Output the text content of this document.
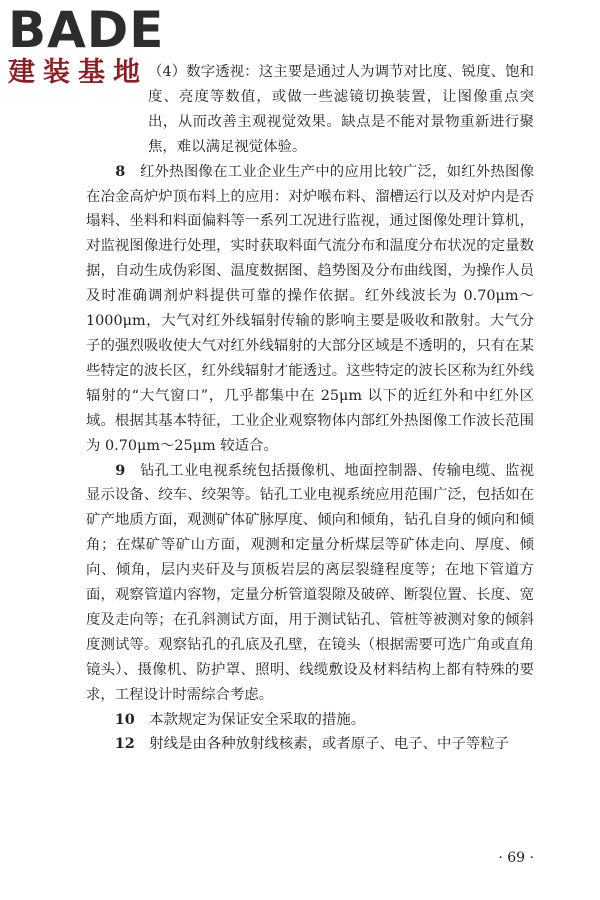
BADE
建装基地 （4）数字透视：这主要是通过人为调节对比度、锐度、饱和度、亮度等数值，或做一些滤镜切换装置，让图像重点突出，从而改善主观视觉效果。缺点是不能对景物重新进行聚焦，难以满足视觉体验。

　　8　 红外热图像在工业企业生产中的应用比较广泛，如红外热图像在冶金高炉炉顶布料上的应用：对炉喉布料、溜槽运行以及对炉内是否塌料、坐料和料面偏料等一系列工况进行监视，通过图像处理计算机，对监视图像进行处理，实时获取料面气流分布和温度分布状况的定量数据，自动生成伪彩图、温度数据图、趋势图及分布曲线图，为操作人员及时准确调剂炉料提供可靠的操作依据。红外线波长为 0.70μm～1000μm，大气对红外线辐射传输的影响主要是吸收和散射。大气分子的强烈吸收使大气对红外线辐射的大部分区域是不透明的，只有在某些特定的波长区，红外线辐射才能透过。这些特定的波长区称为红外线辐射的“大气窗口”，几乎都集中在 25μm 以下的近红外和中红外区域。根据其基本特征，工业企业观察物体内部红外热图像工作波长范围为 0.70μm～25μm 较适合。

　　9　 钻孔工业电视系统包括摄像机、地面控制器、传输电缆、监视显示设备、绞车、绞架等。钻孔工业电视系统应用范围广泛，包括如在矿产地质方面，观测矿体矿脉厚度、倾向和倾角，钻孔自身的倾向和倾角；在煤矿等矿山方面，观测和定量分析煤层等矿体走向、厚度、倾向、倾角，层内夹矸及与顶板岩层的离层裂缝程度等；在地下管道方面，观察管道内容物，定量分析管道裂隙及破碎、断裂位置、长度、宽度及走向等；在孔斜测试方面，用于测试钻孔、管桩等被测对象的倾斜度测试等。观察钻孔的孔底及孔壁，在镜头（根据需要可选广角或直角镜头）、摄像机、防护罩、照明、线缆敷设及材料结构上都有特殊的要求，工程设计时需综合考虑。

　　10　 本款规定为保证安全采取的措施。

　　12　 射线是由各种放射线核素，或者原子、电子、中子等粒子

· 69 ·
